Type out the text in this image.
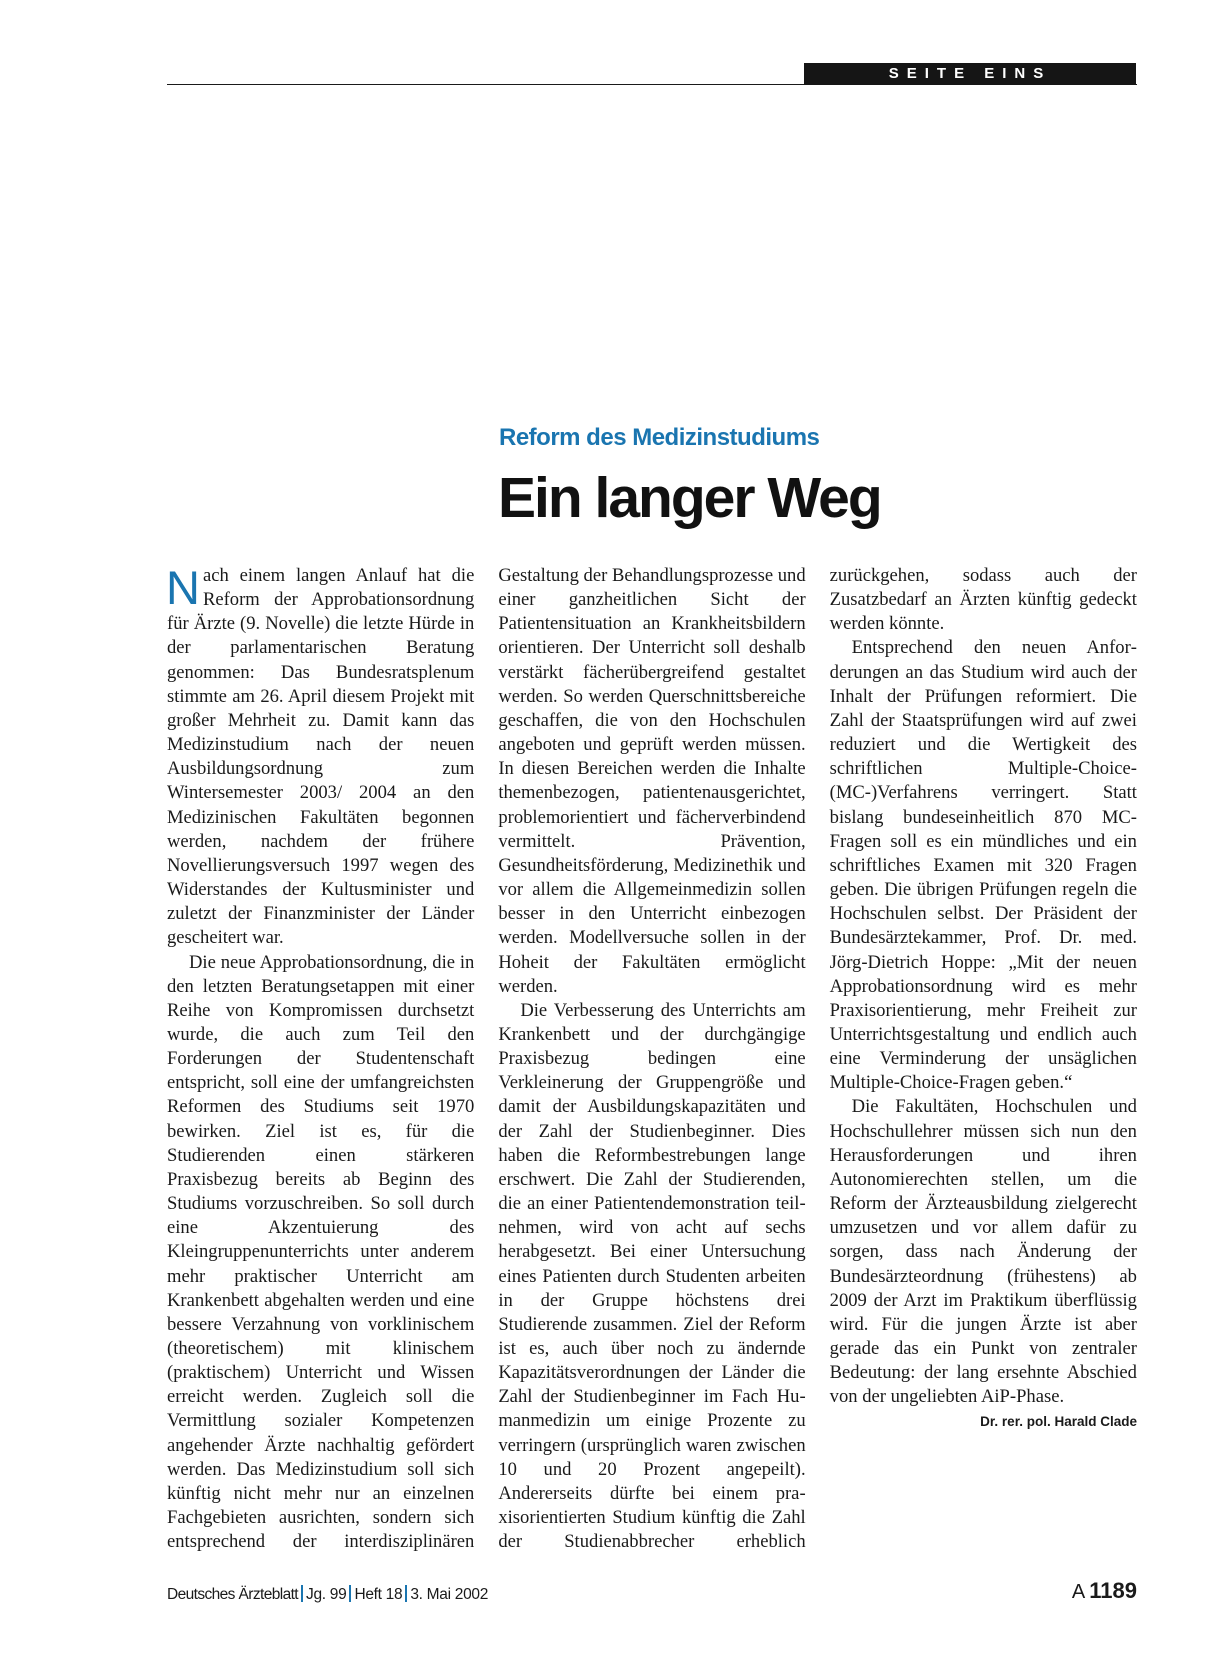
SEITE EINS
Reform des Medizinstudiums
Ein langer Weg

Nach einem langen Anlauf hat die Reform der Approbationsordnung für Ärzte (9. Novelle) die letzte Hürde in der parlamentarischen Beratung genommen: Das Bundesratsplenum stimmte am 26. April diesem Projekt mit großer Mehrheit zu. Damit kann das Medizinstudium nach der neuen Ausbildungsordnung zum Wintersemester 2003/ 2004 an den Medizinischen Fakultäten begonnen werden, nachdem der frühere Novellierungsversuch 1997 wegen des Widerstandes der Kultusminister und zuletzt der Finanzminister der Länder gescheitert war.

Die neue Approbationsordnung, die in den letzten Beratungsetappen mit einer Reihe von Kompromissen durchsetzt wurde, die auch zum Teil den Forderungen der Studentenschaft entspricht, soll eine der umfangreichsten Reformen des Studiums seit 1970 bewirken. Ziel ist es, für die Studierenden einen stärkeren Praxisbezug bereits ab Beginn des Studiums vorzuschreiben. So soll durch eine Akzentuierung des Kleingruppenunterrichts unter anderem mehr praktischer Unterricht am Krankenbett abgehalten werden und eine bessere Verzahnung von vorklinischem (theoretischem) mit klinischem (praktischem) Unterricht und Wissen erreicht werden. Zugleich soll die Vermittlung sozialer Kompetenzen angehender Ärzte nachhaltig gefördert werden. Das Medizinstudium soll sich künftig nicht mehr nur an einzelnen Fachgebieten ausrichten, sondern sich entsprechend der interdisziplinären Gestaltung der Behandlungsprozesse und einer ganzheitlichen Sicht der Patientensituation an Krankheitsbildern orientieren. Der Unterricht soll deshalb verstärkt fächerübergreifend gestaltet werden. So werden Querschnittsbereiche geschaffen, die von den Hochschulen angeboten und geprüft werden müssen. In diesen Bereichen werden die Inhalte themenbezogen, patientenausgerichtet, problemorientiert und fächerverbindend vermittelt. Prävention, Gesundheitsförderung, Medizinethik und vor allem die Allgemeinmedizin sollen besser in den Unterricht einbezogen werden. Modellversuche sollen in der Hoheit der Fakultäten ermöglicht werden.

Die Verbesserung des Unterrichts am Krankenbett und der durchgängige Praxisbezug bedingen eine Verkleinerung der Gruppengröße und damit der Ausbildungskapazitäten und der Zahl der Studienbeginner. Dies haben die Reformbestrebungen lange erschwert. Die Zahl der Studierenden, die an einer Patientendemonstration teilnehmen, wird von acht auf sechs herabgesetzt. Bei einer Untersuchung eines Patienten durch Studenten arbeiten in der Gruppe höchstens drei Studierende zusammen. Ziel der Reform ist es, auch über noch zu ändernde Kapazitätsverordnungen der Länder die Zahl der Studienbeginner im Fach Humanmedizin um einige Prozente zu verringern (ursprünglich waren zwischen 10 und 20 Prozent angepeilt). Andererseits dürfte bei einem praxisorientierten Studium künftig die Zahl der Studienabbrecher erheblich zurückgehen, sodass auch der Zusatzbedarf an Ärzten künftig gedeckt werden könnte.

Entsprechend den neuen Anforderungen an das Studium wird auch der Inhalt der Prüfungen reformiert. Die Zahl der Staatsprüfungen wird auf zwei reduziert und die Wertigkeit des schriftlichen Multiple-Choice-(MC-)Verfahrens verringert. Statt bislang bundeseinheitlich 870 MC-Fragen soll es ein mündliches und ein schriftliches Examen mit 320 Fragen geben. Die übrigen Prüfungen regeln die Hochschulen selbst. Der Präsident der Bundesärztekammer, Prof. Dr. med. Jörg-Dietrich Hoppe: „Mit der neuen Approbationsordnung wird es mehr Praxisorientierung, mehr Freiheit zur Unterrichtsgestaltung und endlich auch eine Verminderung der unsäglichen Multiple-Choice-Fragen geben.“

Die Fakultäten, Hochschulen und Hochschullehrer müssen sich nun den Herausforderungen und ihren Autonomierechten stellen, um die Reform der Ärzteausbildung zielgerecht umzusetzen und vor allem dafür zu sorgen, dass nach Änderung der Bundesärzteordnung (frühestens) ab 2009 der Arzt im Praktikum überflüssig wird. Für die jungen Ärzte ist aber gerade das ein Punkt von zentraler Bedeutung: der lang ersehnte Abschied von der ungeliebten AiP-Phase.

Dr. rer. pol. Harald Clade

Deutsches Ärzteblatt Jg. 99 Heft 18 3. Mai 2002	A 1189
